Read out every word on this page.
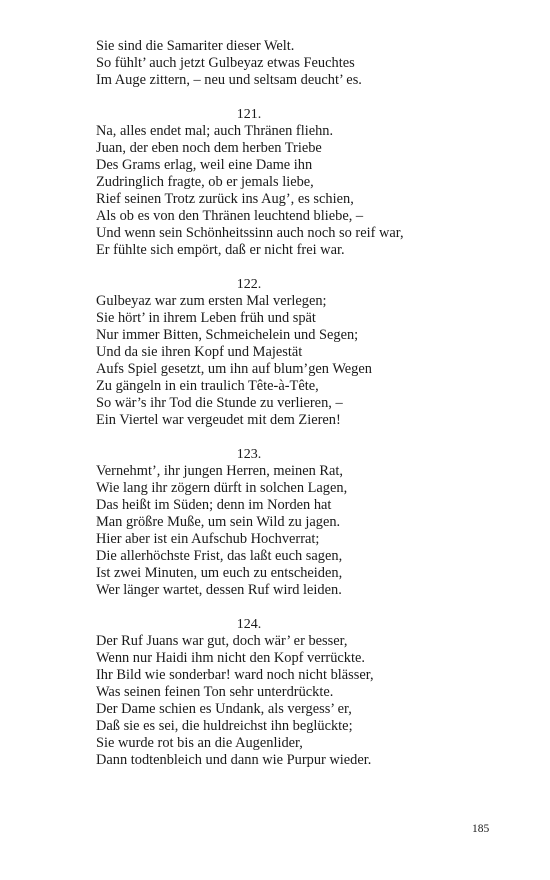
Sie sind die Samariter dieser Welt.
So fühlt’ auch jetzt Gulbeyaz etwas Feuchtes
Im Auge zittern, – neu und seltsam deucht’ es.
121.
Na, alles endet mal; auch Thränen fliehn.
Juan, der eben noch dem herben Triebe
Des Grams erlag, weil eine Dame ihn
Zudringlich fragte, ob er jemals liebe,
Rief seinen Trotz zurück ins Aug’, es schien,
Als ob es von den Thränen leuchtend bliebe, –
Und wenn sein Schönheitssinn auch noch so reif war,
Er fühlte sich empört, daß er nicht frei war.
122.
Gulbeyaz war zum ersten Mal verlegen;
Sie hört’ in ihrem Leben früh und spät
Nur immer Bitten, Schmeichelein und Segen;
Und da sie ihren Kopf und Majestät
Aufs Spiel gesetzt, um ihn auf blum’gen Wegen
Zu gängeln in ein traulich Tête-à-Tête,
So wär’s ihr Tod die Stunde zu verlieren, –
Ein Viertel war vergeudet mit dem Zieren!
123.
Vernehmt’, ihr jungen Herren, meinen Rat,
Wie lang ihr zögern dürft in solchen Lagen,
Das heißt im Süden; denn im Norden hat
Man größre Muße, um sein Wild zu jagen.
Hier aber ist ein Aufschub Hochverrat;
Die allerhöchste Frist, das laßt euch sagen,
Ist zwei Minuten, um euch zu entscheiden,
Wer länger wartet, dessen Ruf wird leiden.
124.
Der Ruf Juans war gut, doch wär’ er besser,
Wenn nur Haidi ihm nicht den Kopf verrückte.
Ihr Bild wie sonderbar! ward noch nicht blässer,
Was seinen feinen Ton sehr unterdrückte.
Der Dame schien es Undank, als vergess’ er,
Daß sie es sei, die huldreichst ihn beglückte;
Sie wurde rot bis an die Augenlider,
Dann todtenbleich und dann wie Purpur wieder.
185
